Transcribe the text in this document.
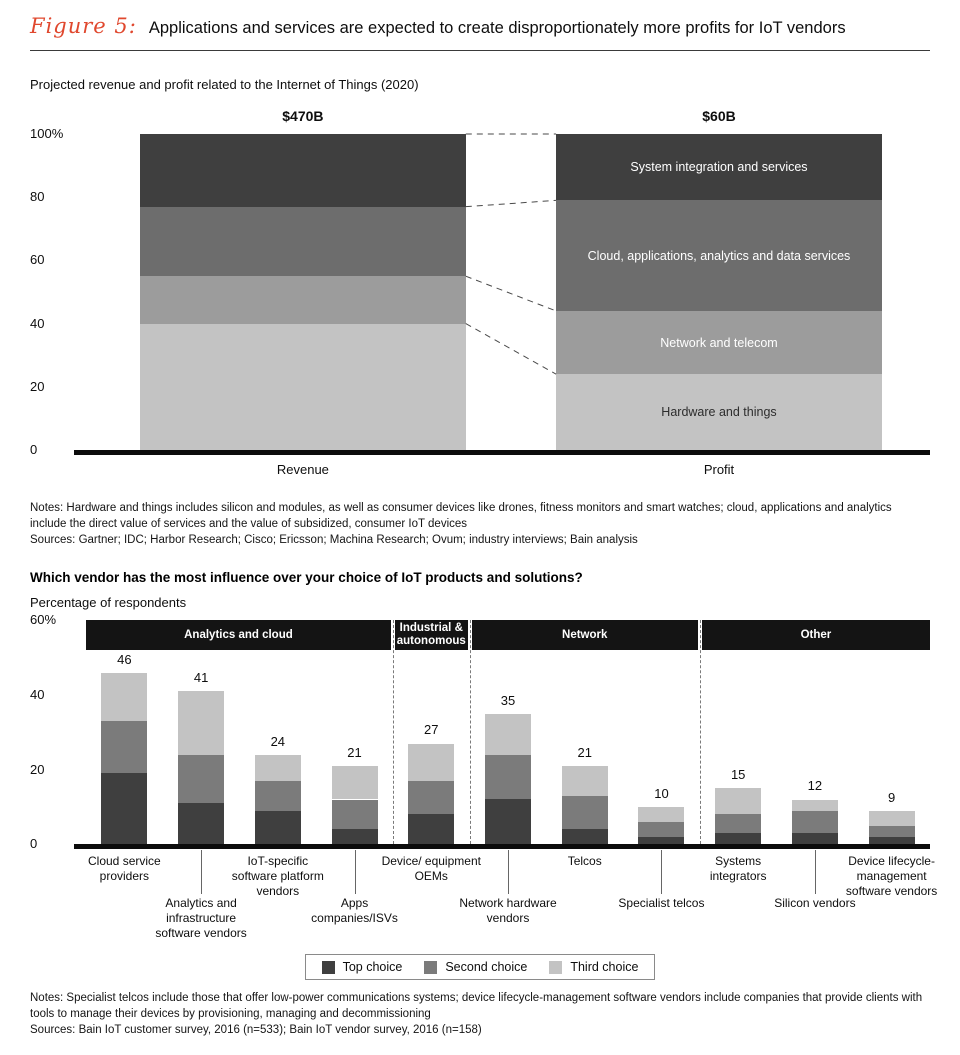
Figure 5: Applications and services are expected to create disproportionately more profits for IoT vendors
Projected revenue and profit related to the Internet of Things (2020)
100%
80
60
40
20
0
$470B
Hardware and things
Network and telecom
Cloud, applications, analytics and data services
System integration and services
$60B
Revenue	Profit

Notes: Hardware and things includes silicon and modules, as well as consumer devices like drones, fitness monitors and smart watches; cloud, applications and analytics include the direct value of services and the value of subsidized, consumer IoT devices

Sources: Gartner; IDC; Harbor Research; Cisco; Ericsson; Machina Research; Ovum; industry interviews; Bain analysis

Which vendor has the most influence over your choice of IoT products and solutions?
Percentage of respondents
60%
40
20
0
Analytics and cloud
Industrial & autonomous
Network	Other
46
41
24
21
27
35
21
10
15
12
9
Cloud service providers
Analytics and infrastructure software vendors
IoT-specific software platform vendors
Apps companies/ISVs
Device/ equipment OEMs
Network hardware vendors
Telcos
Specialist telcos
Systems integrators
Silicon vendors
Device lifecycle-management software vendors
Top choice	Second choice	Third choice

Notes: Specialist telcos include those that offer low-power communications systems; device lifecycle-management software vendors include companies that provide clients with tools to manage their devices by provisioning, managing and decommissioning

Sources: Bain IoT customer survey, 2016 (n=533); Bain IoT vendor survey, 2016 (n=158)
